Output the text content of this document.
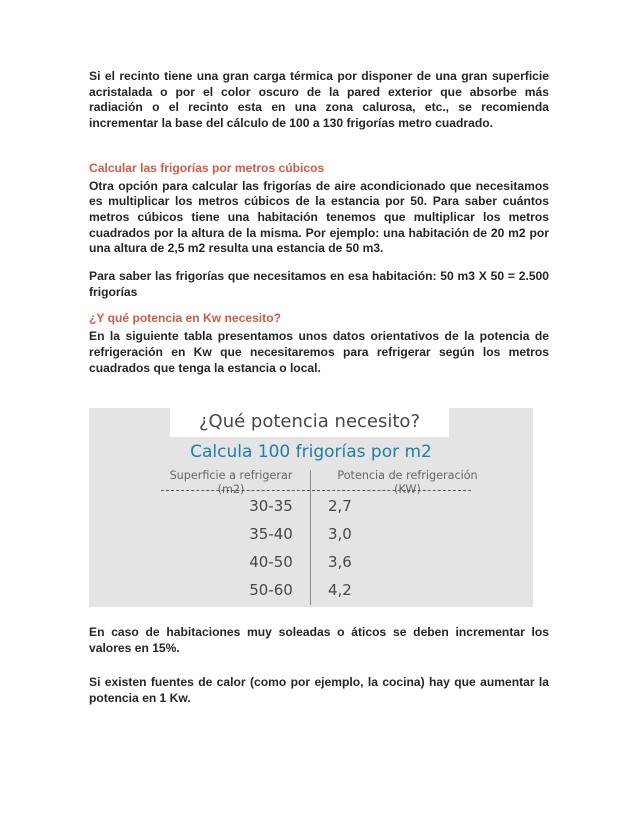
Si el recinto tiene una gran carga térmica por disponer de una gran superficie acristalada o por el color oscuro de la pared exterior que absorbe más radiación o el recinto esta en una zona calurosa, etc., se recomienda incrementar la base del cálculo de 100 a 130 frigorías metro cuadrado.

Calcular las frigorías por metros cúbicos

Otra opción para calcular las frigorías de aire acondicionado que necesitamos es multiplicar los metros cúbicos de la estancia por 50. Para saber cuántos metros cúbicos tiene una habitación tenemos que multiplicar los metros cuadrados por la altura de la misma. Por ejemplo: una habitación de 20 m2 por una altura de 2,5 m2 resulta una estancia de 50 m3.

Para saber las frigorías que necesitamos en esa habitación: 50 m3 X 50 = 2.500 frigorías

¿Y qué potencia en Kw necesito?

En la siguiente tabla presentamos unos datos orientativos de la potencia de refrigeración en Kw que necesitaremos para refrigerar según los metros cuadrados que tenga la estancia o local.

¿Qué potencia necesito?
Calcula 100 frigorías por m2
Superficie a refrigerar (m2)
Potencia de refrigeración (KW)
30-35 2,7
35-40 3,0
40-50 3,6
50-60 4,2

En caso de habitaciones muy soleadas o áticos se deben incrementar los valores en 15%.

Si existen fuentes de calor (como por ejemplo, la cocina) hay que aumentar la potencia en 1 Kw.
